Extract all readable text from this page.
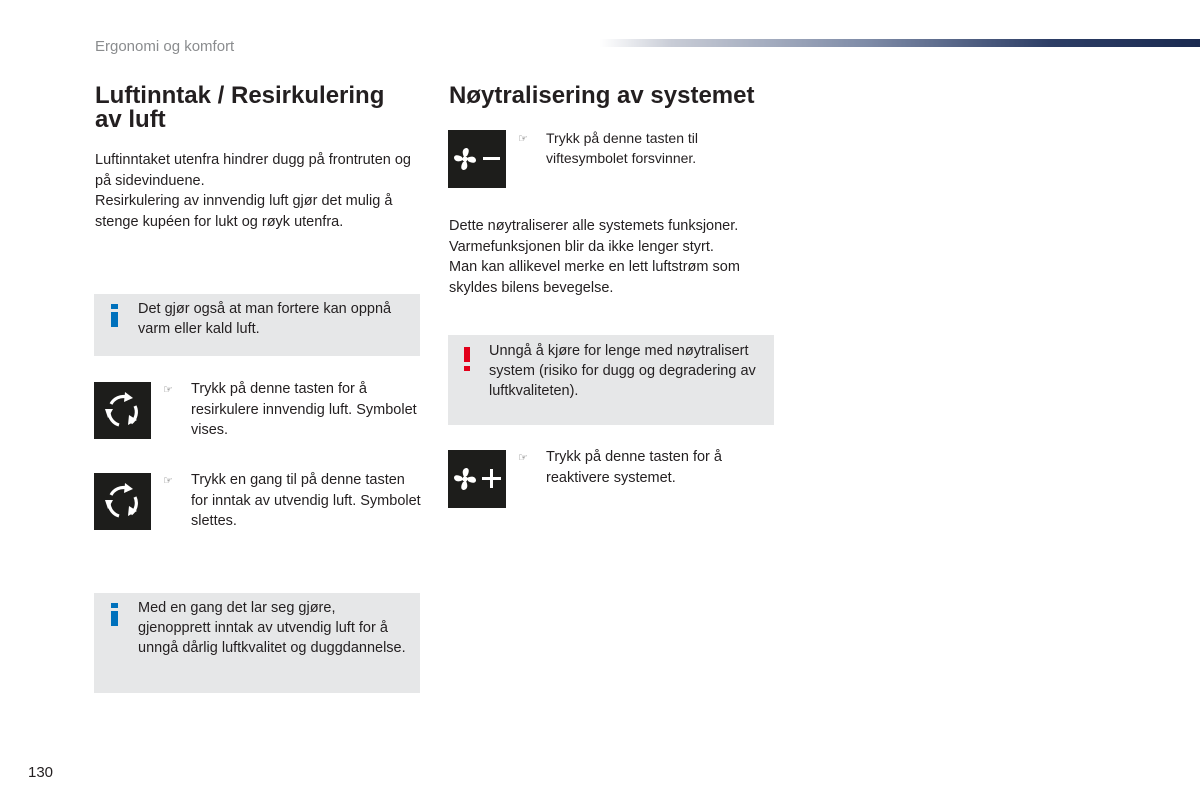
Ergonomi og komfort
Luftinntak / Resirkulering av luft

Luftinntaket utenfra hindrer dugg på frontruten og på sidevinduene.

Resirkulering av innvendig luft gjør det mulig å stenge kupéen for lukt og røyk utenfra.

Det gjør også at man fortere kan oppnå varm eller kald luft.
☞ Trykk på denne tasten for å resirkulere innvendig luft. Symbolet vises.
☞ Trykk en gang til på denne tasten for inntak av utvendig luft. Symbolet slettes.
Med en gang det lar seg gjøre, gjenopprett inntak av utvendig luft for å unngå dårlig luftkvalitet og duggdannelse.
Nøytralisering av systemet
☞ Trykk på denne tasten til viftesymbolet forsvinner.

Dette nøytraliserer alle systemets funksjoner.

Varmefunksjonen blir da ikke lenger styrt.

Man kan allikevel merke en lett luftstrøm som skyldes bilens bevegelse.

Unngå å kjøre for lenge med nøytralisert system (risiko for dugg og degradering av luftkvaliteten).
☞ Trykk på denne tasten for å reaktivere systemet.
130
